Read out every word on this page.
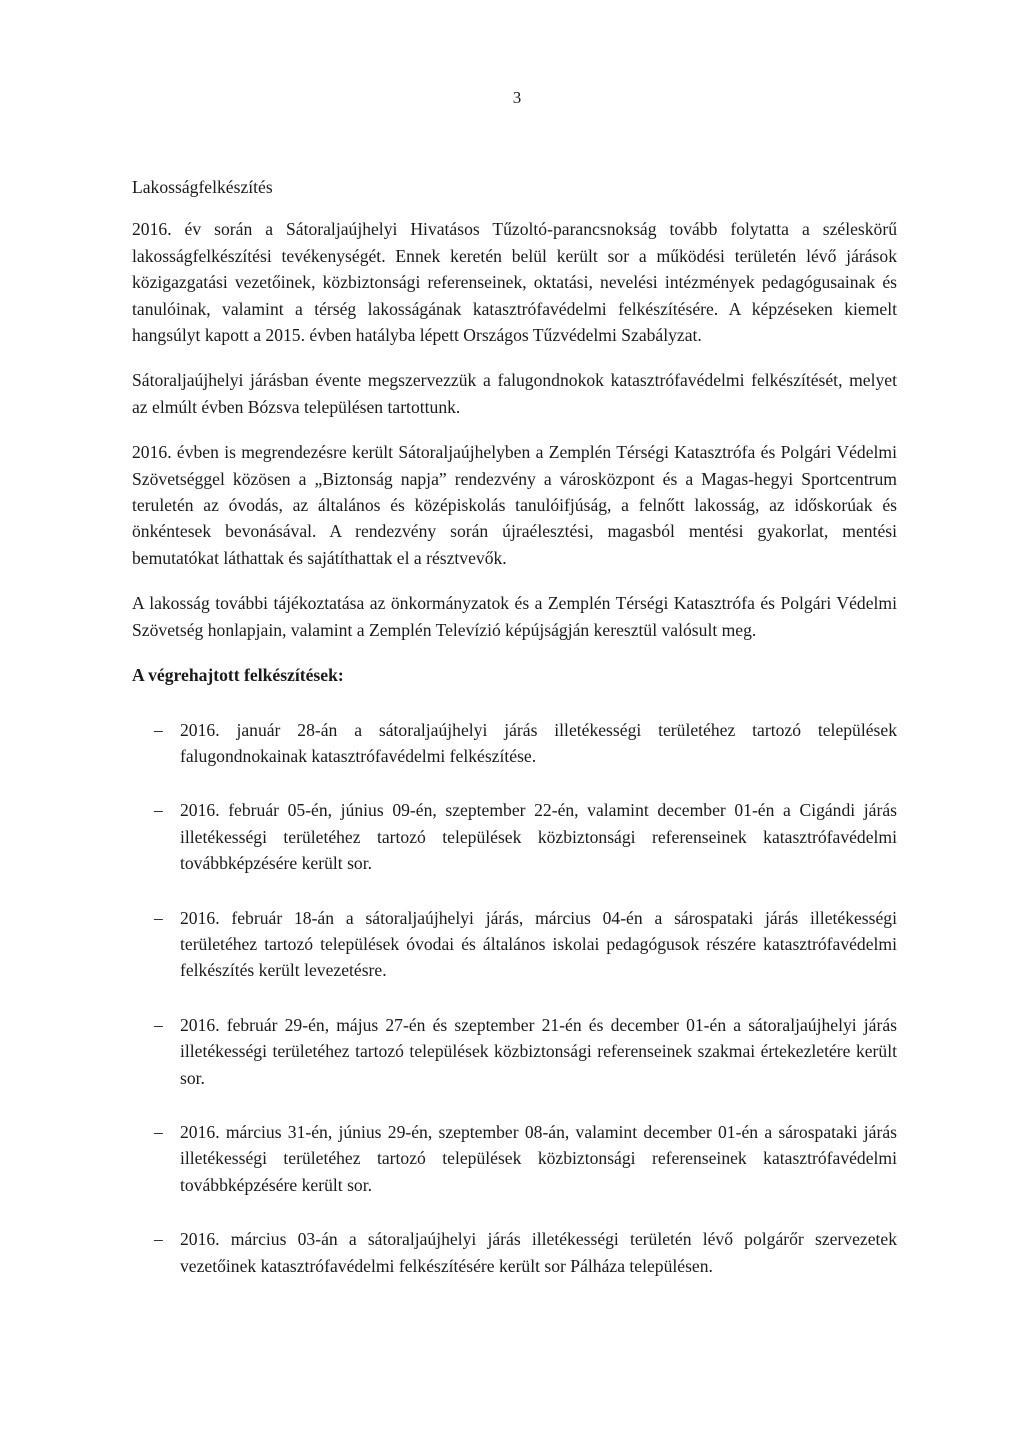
3
Lakosságfelkészítés

2016. év során a Sátoraljaújhelyi Hivatásos Tűzoltó-parancsnokság tovább folytatta a széleskörű lakosságfelkészítési tevékenységét. Ennek keretén belül került sor a működési területén lévő járások közigazgatási vezetőinek, közbiztonsági referenseinek, oktatási, nevelési intézmények pedagógusainak és tanulóinak, valamint a térség lakosságának katasztrófavédelmi felkészítésére. A képzéseken kiemelt hangsúlyt kapott a 2015. évben hatályba lépett Országos Tűzvédelmi Szabályzat.

Sátoraljaújhelyi járásban évente megszervezzük a falugondnokok katasztrófavédelmi felkészítését, melyet az elmúlt évben Bózsva településen tartottunk.

2016. évben is megrendezésre került Sátoraljaújhelyben a Zemplén Térségi Katasztrófa és Polgári Védelmi Szövetséggel közösen a „Biztonság napja” rendezvény a városközpont és a Magas-hegyi Sportcentrum teruletén az óvodás, az általános és középiskolás tanulóifjúság, a felnőtt lakosság, az időskorúak és önkéntesek bevonásával. A rendezvény során újraélesztési, magasból mentési gyakorlat, mentési bemutatókat láthattak és sajátíthattak el a résztvevők.

A lakosság további tájékoztatása az önkormányzatok és a Zemplén Térségi Katasztrófa és Polgári Védelmi Szövetség honlapjain, valamint a Zemplén Televízió képújságján keresztül valósult meg.

A végrehajtott felkészítések:
– 2016. január 28-án a sátoraljaújhelyi járás illetékességi területéhez tartozó települések falugondnokainak katasztrófavédelmi felkészítése.
– 2016. február 05-én, június 09-én, szeptember 22-én, valamint december 01-én a Cigándi járás illetékességi területéhez tartozó települések közbiztonsági referenseinek katasztrófavédelmi továbbképzésére került sor.
– 2016. február 18-án a sátoraljaújhelyi járás, március 04-én a sárospataki járás illetékességi területéhez tartozó települések óvodai és általános iskolai pedagógusok részére katasztrófavédelmi felkészítés került levezetésre.
– 2016. február 29-én, május 27-én és szeptember 21-én és december 01-én a sátoraljaújhelyi járás illetékességi területéhez tartozó települések közbiztonsági referenseinek szakmai értekezletére került sor.
– 2016. március 31-én, június 29-én, szeptember 08-án, valamint december 01-én a sárospataki járás illetékességi területéhez tartozó települések közbiztonsági referenseinek katasztrófavédelmi továbbképzésére került sor.
– 2016. március 03-án a sátoraljaújhelyi járás illetékességi területén lévő polgárőr szervezetek vezetőinek katasztrófavédelmi felkészítésére került sor Pálháza településen.
